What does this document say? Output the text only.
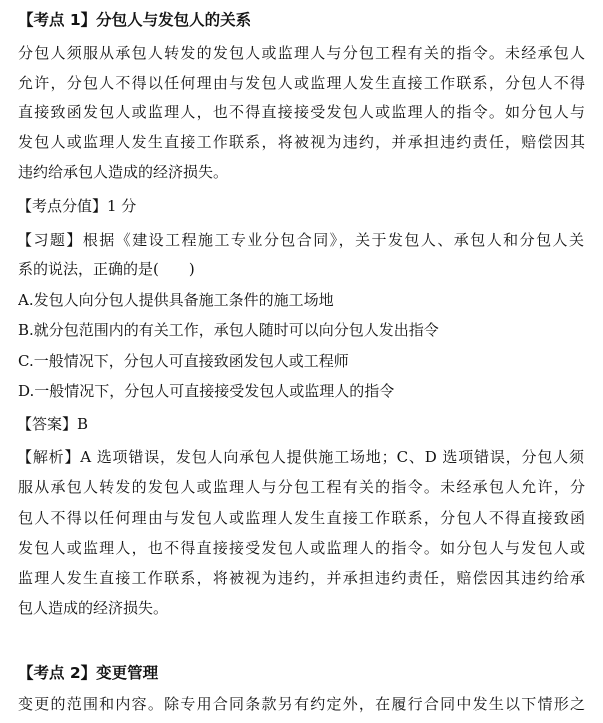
【考点 1】分包人与发包人的关系
分包人须服从承包人转发的发包人或监理人与分包工程有关的指令。未经承包人
允许，分包人不得以任何理由与发包人或监理人发生直接工作联系，分包人不得
直接致函发包人或监理人，也不得直接接受发包人或监理人的指令。如分包人与
发包人或监理人发生直接工作联系，将被视为违约，并承担违约责任，赔偿因其
违约给承包人造成的经济损失。
【考点分值】1 分
【习题】根据《建设工程施工专业分包合同》，关于发包人、承包人和分包人关
系的说法，正确的是(　　)
A.发包人向分包人提供具备施工条件的施工场地
B.就分包范围内的有关工作，承包人随时可以向分包人发出指令
C.一般情况下，分包人可直接致函发包人或工程师
D.一般情况下，分包人可直接接受发包人或监理人的指令
【答案】B
【解析】A 选项错误，发包人向承包人提供施工场地；C、D 选项错误，分包人须
服从承包人转发的发包人或监理人与分包工程有关的指令。未经承包人允许，分
包人不得以任何理由与发包人或监理人发生直接工作联系，分包人不得直接致函
发包人或监理人，也不得直接接受发包人或监理人的指令。如分包人与发包人或
监理人发生直接工作联系，将被视为违约，并承担违约责任，赔偿因其违约给承
包人造成的经济损失。
【考点 2】变更管理
变更的范围和内容。除专用合同条款另有约定外，在履行合同中发生以下情形之
